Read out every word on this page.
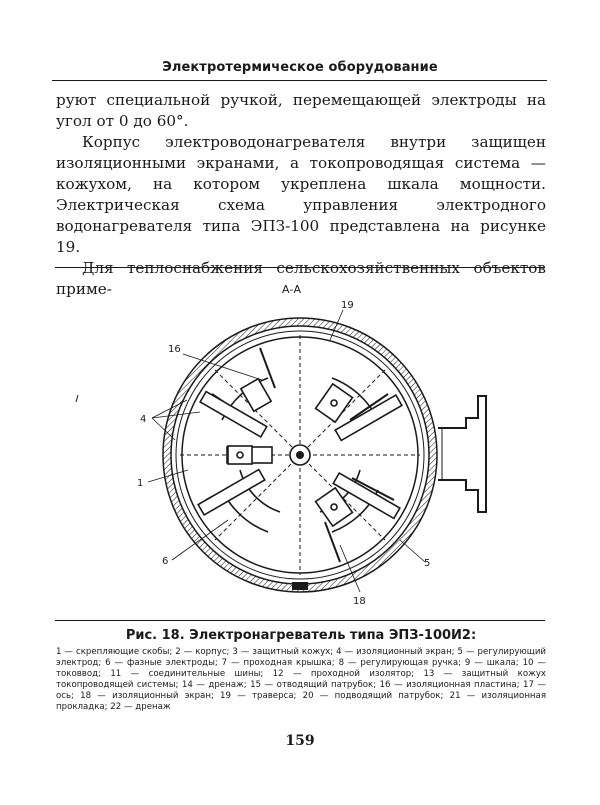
Электротермическое оборудование

руют специальной ручкой, перемещающей электроды на угол от 0 до 60°.

Корпус электроводонагревателя внутри защищен изоляционными экранами, а токопроводящая система — кожухом, на котором укреплена шкала мощности. Электрическая схема управления электродного водонагревателя типа ЭПЗ-100 представлена на рисунке 19.

Для теплоснабжения сельскохозяйственных объектов приме-	А-А
19
16
4
1
6
18
5
Рис. 18. Электронагреватель типа ЭПЗ-100И2:
1 — скрепляющие скобы; 2 — корпус; 3 — защитный кожух; 4 — изоляционный экран; 5 — регулирующий электрод; 6 — фазные электроды; 7 — проходная крышка; 8 — регулирующая ручка; 9 — шкала; 10 — токоввод; 11 — соединительные шины; 12 — проходной изолятор; 13 — защитный кожух токопроводящей системы; 14 — дренаж; 15 — отводящий патрубок; 16 — изоляционная пластина; 17 — ось; 18 — изоляционный экран; 19 — траверса; 20 — подводящий патрубок; 21 — изоляционная прокладка; 22 — дренаж
159
